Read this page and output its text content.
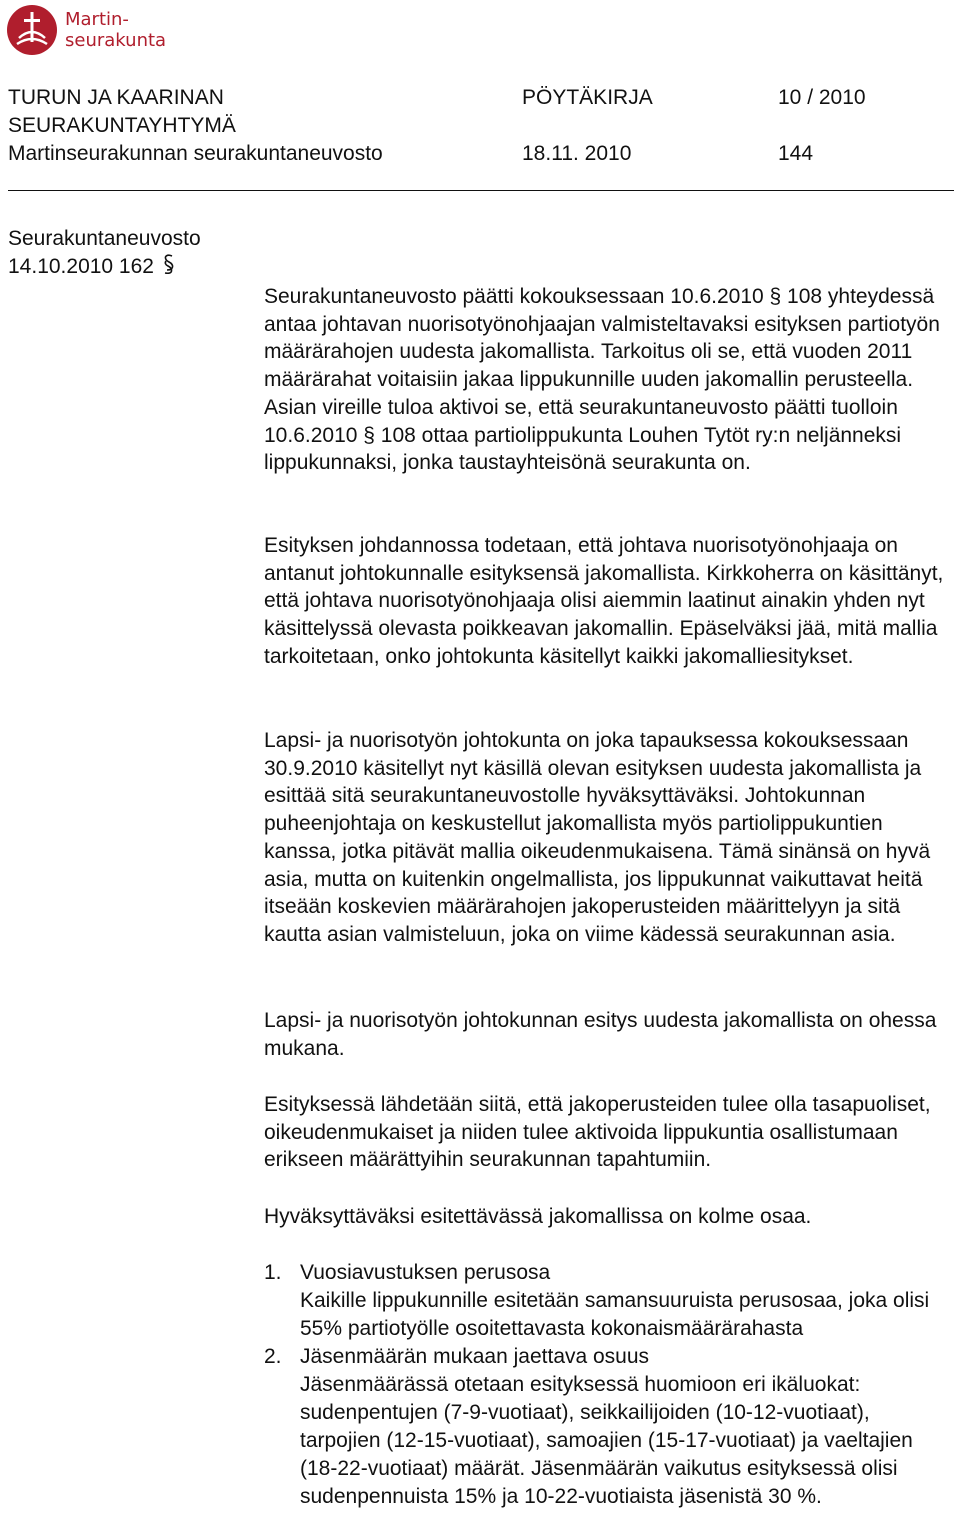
Martin-
seurakunta
TURUN JA KAARINAN
SEURAKUNTAYHTYMÄ
Martinseurakunnan seurakuntaneuvosto
PÖYTÄKIRJA
18.11. 2010
10 / 2010
144
Seurakuntaneuvosto
14.10.2010 162

Seurakuntaneuvosto päätti kokouksessaan 10.6.2010 § 108 yhteydessä antaa johtavan nuorisotyönohjaajan valmisteltavaksi esityksen partiotyön määrärahojen uudesta jakomallista. Tarkoitus oli se, että vuoden 2011 määrärahat voitaisiin jakaa lippukunnille uuden jakomallin perusteella. Asian vireille tuloa aktivoi se, että seurakuntaneuvosto päätti tuolloin 10.6.2010 § 108 ottaa partiolippukunta Louhen Tytöt ry:n neljänneksi lippukunnaksi, jonka taustayhteisönä seurakunta on.

Esityksen johdannossa todetaan, että johtava nuorisotyönohjaaja on antanut johtokunnalle esityksensä jakomallista. Kirkkoherra on käsittänyt, että johtava nuorisotyönohjaaja olisi aiemmin laatinut ainakin yhden nyt käsittelyssä olevasta poikkeavan jakomallin. Epäselväksi jää, mitä mallia tarkoitetaan, onko johtokunta käsitellyt kaikki jakomalliesitykset.

Lapsi- ja nuorisotyön johtokunta on joka tapauksessa kokouksessaan 30.9.2010 käsitellyt nyt käsillä olevan esityksen uudesta jakomallista ja esittää sitä seurakuntaneuvostolle hyväksyttäväksi. Johtokunnan puheenjohtaja on keskustellut jakomallista myös partiolippukuntien kanssa, jotka pitävät mallia oikeudenmukaisena. Tämä sinänsä on hyvä asia, mutta on kuitenkin ongelmallista, jos lippukunnat vaikuttavat heitä itseään koskevien määrärahojen jakoperusteiden määrittelyyn ja sitä kautta asian valmisteluun, joka on viime kädessä seurakunnan asia.

Lapsi- ja nuorisotyön johtokunnan esitys uudesta jakomallista on ohessa mukana.

Esityksessä lähdetään siitä, että jakoperusteiden tulee olla tasapuoliset, oikeudenmukaiset ja niiden tulee aktivoida lippukuntia osallistumaan erikseen määrättyihin seurakunnan tapahtumiin.

Hyväksyttäväksi esitettävässä jakomallissa on kolme osaa.

1. Vuosiavustuksen perusosa
Kaikille lippukunnille esitetään samansuuruista perusosaa, joka olisi 55% partiotyölle osoitettavasta kokonaismäärärahasta
2. Jäsenmäärän mukaan jaettava osuus
Jäsenmäärässä otetaan esityksessä huomioon eri ikäluokat: sudenpentujen (7-9-vuotiaat), seikkailijoiden (10-12-vuotiaat), tarpojien (12-15-vuotiaat), samoajien (15-17-vuotiaat) ja vaeltajien (18-22-vuotiaat) määrät. Jäsenmäärän vaikutus esityksessä olisi sudenpennuista 15% ja 10-22-vuotiaista jäsenistä 30 %.
